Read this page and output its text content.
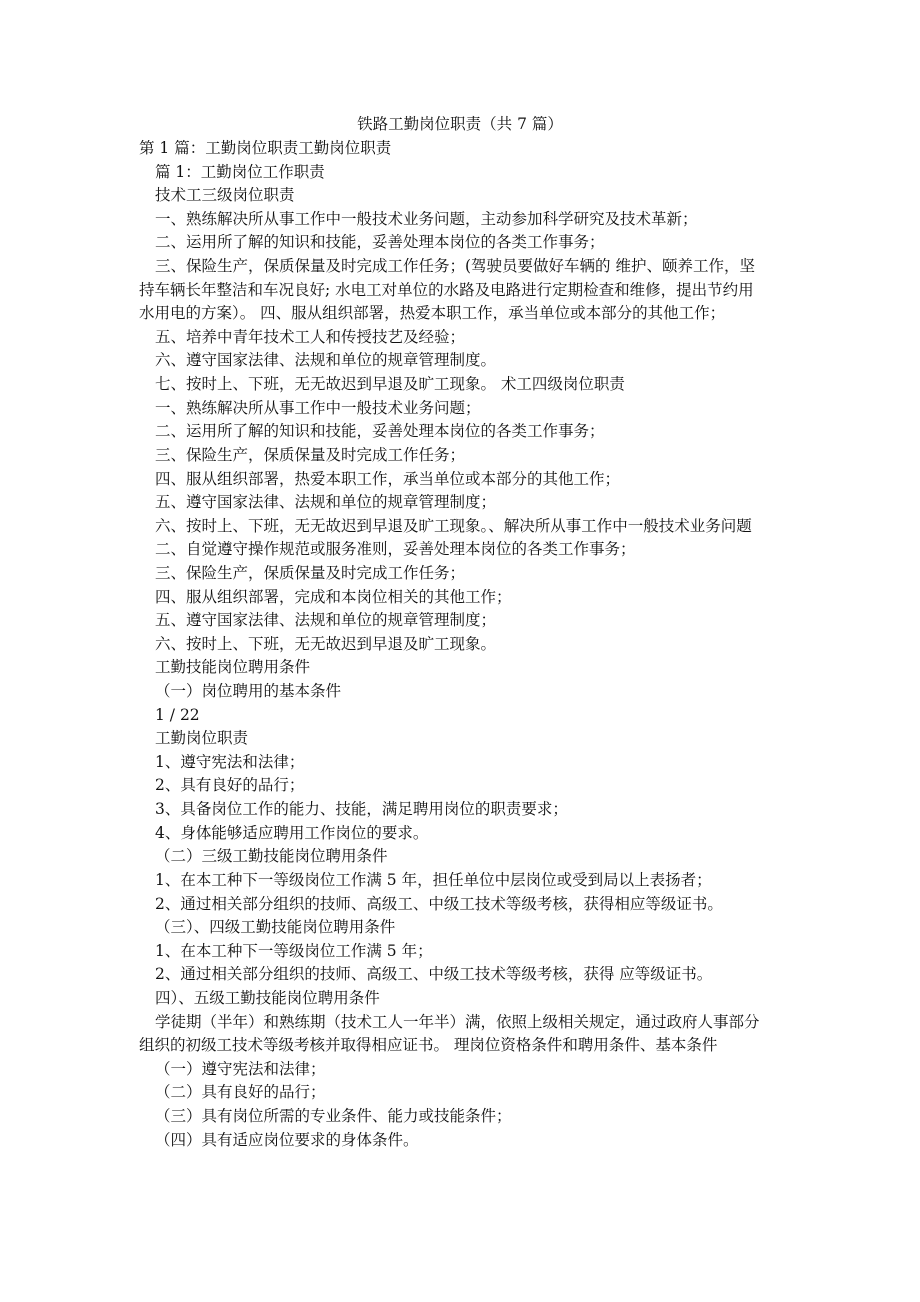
铁路工勤岗位职责（共 7 篇）
第 1 篇：工勤岗位职责工勤岗位职责
篇 1：工勤岗位工作职责
技术工三级岗位职责
一、熟练解决所从事工作中一般技术业务问题，主动参加科学研究及技术革新；
二、运用所了解的知识和技能，妥善处理本岗位的各类工作事务；
三、保险生产，保质保量及时完成工作任务；(驾驶员要做好车辆的 维护、颐养工作，坚
持车辆长年整洁和车况良好; 水电工对单位的水路及电路进行定期检查和维修，提出节约用
水用电的方案）。 四、服从组织部署，热爱本职工作，承当单位或本部分的其他工作；
五、培养中青年技术工人和传授技艺及经验；
六、遵守国家法律、法规和单位的规章管理制度。
七、按时上、下班，无无故迟到早退及旷工现象。 术工四级岗位职责
一、熟练解决所从事工作中一般技术业务问题；
二、运用所了解的知识和技能，妥善处理本岗位的各类工作事务；
三、保险生产，保质保量及时完成工作任务；
四、服从组织部署，热爱本职工作，承当单位或本部分的其他工作；
五、遵守国家法律、法规和单位的规章管理制度；
六、按时上、下班，无无故迟到早退及旷工现象。、解决所从事工作中一般技术业务问题
二、自觉遵守操作规范或服务准则，妥善处理本岗位的各类工作事务；
三、保险生产，保质保量及时完成工作任务；
四、服从组织部署，完成和本岗位相关的其他工作；
五、遵守国家法律、法规和单位的规章管理制度；
六、按时上、下班，无无故迟到早退及旷工现象。
工勤技能岗位聘用条件
（一）岗位聘用的基本条件
1 / 22
工勤岗位职责
1、遵守宪法和法律；
2、具有良好的品行；
3、具备岗位工作的能力、技能，满足聘用岗位的职责要求；
4、身体能够适应聘用工作岗位的要求。
（二）三级工勤技能岗位聘用条件
1、在本工种下一等级岗位工作满 5 年，担任单位中层岗位或受到局以上表扬者；
2、通过相关部分组织的技师、高级工、中级工技术等级考核，获得相应等级证书。
（三）、四级工勤技能岗位聘用条件
1、在本工种下一等级岗位工作满 5 年；
2、通过相关部分组织的技师、高级工、中级工技术等级考核，获得 应等级证书。
四）、五级工勤技能岗位聘用条件
学徒期（半年）和熟练期（技术工人一年半）满，依照上级相关规定，通过政府人事部分
组织的初级工技术等级考核并取得相应证书。 理岗位资格条件和聘用条件、基本条件
（一）遵守宪法和法律；
（二）具有良好的品行；
（三）具有岗位所需的专业条件、能力或技能条件；
（四）具有适应岗位要求的身体条件。
